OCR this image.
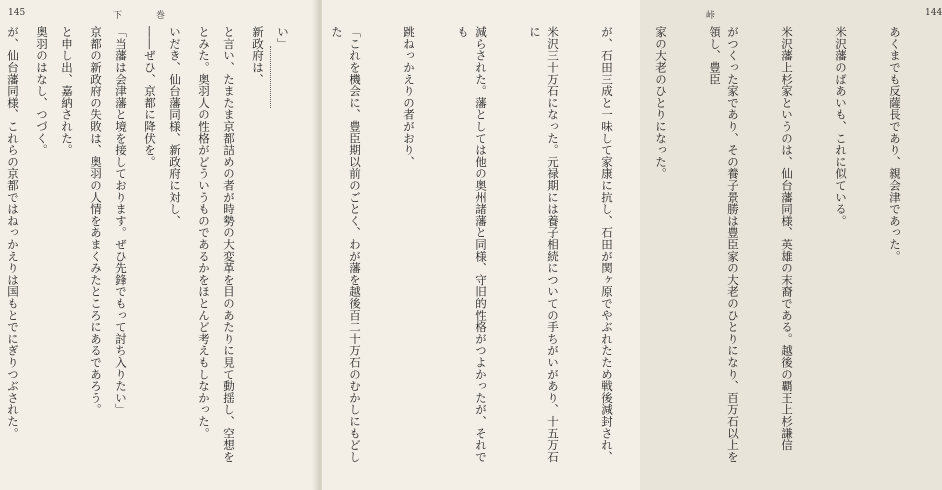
145	下	巻

新政府は、

とみた。奥羽人の性格がどういうものであるかをほとんど考えもしなかった。

――ぜひ、京都に降伏を。

京都の新政府の失敗は、奥羽の人情をあまくみたところにあるであろう。

奥羽のはなし、つづく。

峠	144

あくまでも反薩長であり、親会津であった。

米沢藩のばあいも、これに似ている。

米沢藩上杉家というのは、仙台藩同様、英雄の末裔である。越後の覇王上杉謙信

がつくった家であり、その養子景勝は豊臣家の大老のひとりになり、百万石以上を領し、豊臣

家の大老のひとりになった。

が、石田三成と一味して家康に抗し、石田が関ヶ原でやぶれたため戦後減封され、

米沢三十万石になった。元禄期には養子相続についての手ちがいがあり、十五万石に

減らされた。藩としては他の奥州諸藩と同様、守旧的性格がつよかったが、それでも

跳ねっかえりの者がおり、

「これを機会に、豊臣期以前のごとく、わが藩を越後百二十万石のむかしにもどした

い」

と言い、たまたま京都詰めの者が時勢の大変革を目のあたりに見て動揺し、空想を

いだき、仙台藩同様、新政府に対し、

「当藩は会津藩と境を接しております。ぜひ先鋒でもって討ち入りたい」

と申し出、嘉納された。

が、仙台藩同様、これらの京都ではねっかえりは国もとでにぎりつぶされた。
